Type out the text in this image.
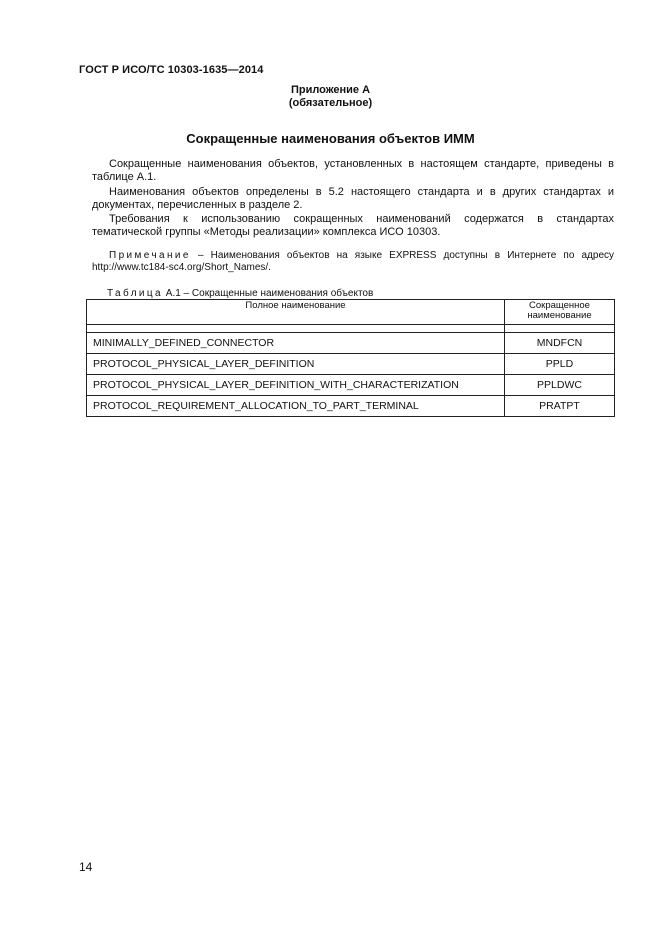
ГОСТ Р ИСО/ТС 10303-1635—2014
Приложение А
(обязательное)
Сокращенные наименования объектов ИММ
Сокращенные наименования объектов, установленных в настоящем стандарте, приведены в
таблице А.1.
Наименования объектов определены в 5.2 настоящего стандарта и в других стандартах и
документах, перечисленных в разделе 2.
Требования к использованию сокращенных наименований содержатся в стандартах
тематической группы «Методы реализации» комплекса ИСО 10303.
Примечание – Наименования объектов на языке EXPRESS доступны в Интернете по адресу
http://www.tc184-sc4.org/Short_Names/.
Таблица А.1 – Сокращенные наименования объектов
Полное наименование	Сокращенное
наименование

MINIMALLY_DEFINED_CONNECTOR	MNDFCN
PROTOCOL_PHYSICAL_LAYER_DEFINITION	PPLD
PROTOCOL_PHYSICAL_LAYER_DEFINITION_WITH_CHARACTERIZATION	PPLDWC
PROTOCOL_REQUIREMENT_ALLOCATION_TO_PART_TERMINAL	PRATPT
14
